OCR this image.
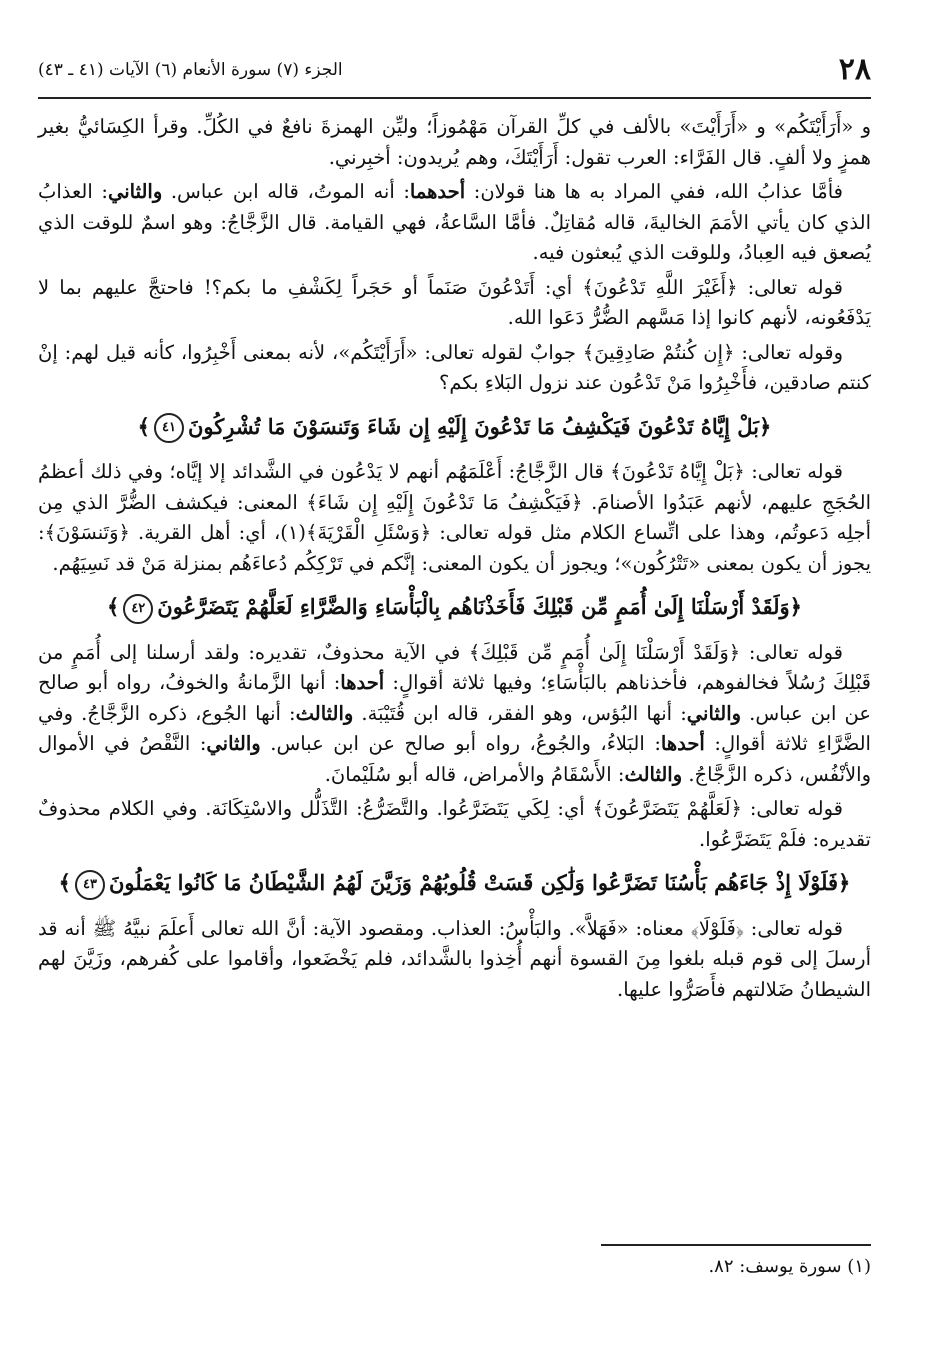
٢٨
الجزء (٧) سورة الأنعام (٦) الآيات (٤١ ـ ٤٣)

و «أَرَأَيْتَكُم» و «أَرَأَيْتَ» بالألف في كلِّ القرآن مَهْمُوزاً؛ وليِّن الهمزةَ نافعٌ في الكُلِّ. وقرأ الكِسَائيُّ بغير همزٍ ولا ألفٍ. قال الفَرَّاء: العرب تقول: أَرَأَيْتَكَ، وهم يُريدون: أخبِرني.

فأمَّا عذابُ الله، ففي المراد به ها هنا قولان: أحدهما: أنه الموتُ، قاله ابن عباس. والثاني: العذابُ الذي كان يأتي الأمَمَ الخاليةَ، قاله مُقاتِلٌ. فأمَّا السَّاعةُ، فهي القيامة. قال الزَّجَّاجُ: وهو اسمٌ للوقت الذي يُصعق فيه العِبادُ، وللوقت الذي يُبعثون فيه.

قوله تعالى: ﴿أَغَيْرَ اللَّهِ تَدْعُونَ﴾ أي: أَتَدْعُونَ صَنَماً أو حَجَراً لِكَشْفِ ما بكم؟! فاحتجَّ عليهم بما لا يَدْفَعُونه، لأنهم كانوا إذا مَسَّهم الضُّرُّ دَعَوا الله.

وقوله تعالى: ﴿إِن كُنتُمْ صَادِقِينَ﴾ جوابٌ لقوله تعالى: «أَرَأَيْتَكُم»، لأنه بمعنى أَخْبِرُوا، كأنه قيل لهم: إنْ كنتم صادقين، فأَخْبِرُوا مَنْ تَدْعُون عند نزول البَلاءِ بكم؟

﴿بَلْ إِيَّاهُ تَدْعُونَ فَيَكْشِفُ مَا تَدْعُونَ إِلَيْهِ إِن شَاءَ وَتَنسَوْنَ مَا تُشْرِكُونَ٤١﴾

قوله تعالى: ﴿بَلْ إِيَّاهُ تَدْعُونَ﴾ قال الزَّجَّاجُ: أَعْلَمَهُم أنهم لا يَدْعُون في الشَّدائد إلا إيَّاه؛ وفي ذلك أعظمُ الحُجَجِ عليهم، لأنهم عَبَدُوا الأصنامَ. ﴿فَيَكْشِفُ مَا تَدْعُونَ إِلَيْهِ إِن شَاءَ﴾ المعنى: فيكشف الضُّرَّ الذي مِن أجلِه دَعوتُم، وهذا على اتِّساع الكلام مثل قوله تعالى: ﴿وَسْئَلِ الْقَرْيَةَ﴾(١)، أي: أهل القرية. ﴿وَتَنسَوْنَ﴾: يجوز أن يكون بمعنى «تَتْرُكُون»؛ ويجوز أن يكون المعنى: إنَّكم في تَرْكِكُم دُعاءَهُم بمنزلة مَنْ قد نَسِيَهُم.

﴿وَلَقَدْ أَرْسَلْنَا إِلَىٰ أُمَمٍ مِّن قَبْلِكَ فَأَخَذْنَاهُم بِالْبَأْسَاءِ وَالضَّرَّاءِ لَعَلَّهُمْ يَتَضَرَّعُونَ٤٢﴾

قوله تعالى: ﴿وَلَقَدْ أَرْسَلْنَا إِلَىٰ أُمَمٍ مِّن قَبْلِكَ﴾ في الآية محذوفٌ، تقديره: ولقد أرسلنا إلى أُمَمٍ من قَبْلِكَ رُسُلاً فخالفوهم، فأخذناهم بالبَأْسَاءِ؛ وفيها ثلاثة أقوالٍ: أحدها: أنها الزَّمانةُ والخوفُ، رواه أبو صالح عن ابن عباس. والثاني: أنها البُؤس، وهو الفقر، قاله ابن قُتَيْبَة. والثالث: أنها الجُوع، ذكره الزَّجَّاجُ. وفي الضَّرَّاءِ ثلاثة أقوالٍ: أحدها: البَلاءُ، والجُوعُ، رواه أبو صالح عن ابن عباس. والثاني: النَّقْصُ في الأموال والأنْفُس، ذكره الزَّجَّاجُ. والثالث: الأَسْقَامُ والأمراض، قاله أبو سُلَيْمانَ.

قوله تعالى: ﴿لَعَلَّهُمْ يَتَضَرَّعُونَ﴾ أي: لِكَي يَتَضَرَّعُوا. والتَّضَرُّعُ: التَّذَلُّل والاسْتِكَانَة. وفي الكلام محذوفٌ تقديره: فلَمْ يَتَضَرَّعُوا.

﴿فَلَوْلَا إِذْ جَاءَهُم بَأْسُنَا تَضَرَّعُوا وَلَٰكِن قَسَتْ قُلُوبُهُمْ وَزَيَّنَ لَهُمُ الشَّيْطَانُ مَا كَانُوا يَعْمَلُونَ٤٣﴾

قوله تعالى: ﴿فَلَوْلَا﴾ معناه: «فَهَلاَّ». والبَأْسُ: العذاب. ومقصود الآية: أنَّ الله تعالى أَعلَمَ نبيَّهُ ﷺ أنه قد أرسلَ إلى قوم قبله بلغوا مِنَ القسوة أنهم أُخِذوا بالشَّدائد، فلم يَخْضَعوا، وأقاموا على كُفرهم، وزَيَّنَ لهم الشيطانُ ضَلالتهم فأَصَرُّوا عليها.

(١) سورة يوسف: ٨٢.
